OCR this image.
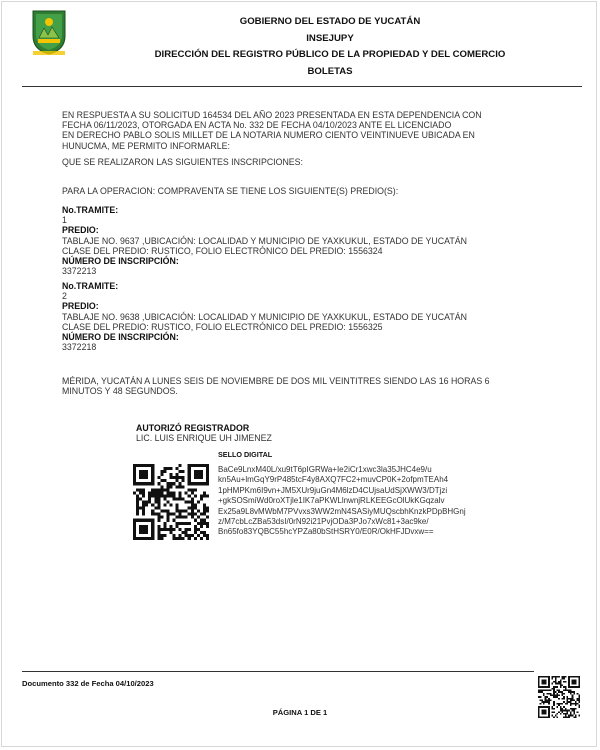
GOBIERNO DEL ESTADO DE YUCATÁN
INSEJUPY
DIRECCIÓN DEL REGISTRO PÚBLICO DE LA PROPIEDAD Y DEL COMERCIO
BOLETAS
EN RESPUESTA A SU SOLICITUD 164534 DEL AÑO 2023 PRESENTADA EN ESTA DEPENDENCIA CON
FECHA 06/11/2023, OTORGADA EN ACTA No. 332 DE FECHA 04/10/2023 ANTE EL LICENCIADO
EN DERECHO PABLO SOLIS MILLET DE LA NOTARIA NUMERO CIENTO VEINTINUEVE UBICADA EN
HUNUCMA, ME PERMITO INFORMARLE:
QUE SE REALIZARON LAS SIGUIENTES INSCRIPCIONES:
PARA LA OPERACION: COMPRAVENTA SE TIENE LOS SIGUIENTE(S) PREDIO(S):
No.TRAMITE:
1
PREDIO:
TABLAJE NO. 9637 ,UBICACIÓN: LOCALIDAD Y MUNICIPIO DE YAXKUKUL, ESTADO DE YUCATÁN
CLASE DEL PREDIO: RUSTICO, FOLIO ELECTRÓNICO DEL PREDIO: 1556324
NÚMERO DE INSCRIPCIÓN:
3372213
No.TRAMITE:
2
PREDIO:
TABLAJE NO. 9638 ,UBICACIÓN: LOCALIDAD Y MUNICIPIO DE YAXKUKUL, ESTADO DE YUCATÁN
CLASE DEL PREDIO: RUSTICO, FOLIO ELECTRÓNICO DEL PREDIO: 1556325
NÚMERO DE INSCRIPCIÓN:
3372218
MÉRIDA, YUCATÁN A LUNES SEIS DE NOVIEMBRE DE DOS MIL VEINTITRES SIENDO LAS 16 HORAS 6
MINUTOS Y 48 SEGUNDOS.
AUTORIZÓ REGISTRADOR
LIC. LUIS ENRIQUE UH JIMENEZ
SELLO DIGITAL
BaCe9LnxM40L/xu9tT6pIGRWa+Ie2iCr1xwc3la35JHC4e9/u
kn5Au+lmGqY9rP485tcF4y8AXQ7FC2+muvCP0K+2ofpmTEAh4
1pHMPKm6I9vn+JM5XUr9juGn4M6lzD4CUjsaUdSjXWW3/DTjzi
+gkSOSmiWd0roXTjle1IK7aPKWLlnwnjRLKEEGcOlUkKGqzalv
Ex25a9L8vMWbM7PVvxs3WW2mN4SASiyMUQscbhKnzkPDpBHGnj
z/M7cbLcZBa53dsI/0rN92i21PvjODa3PJo7xWc81+3ac9ke/
Bn65fo83YQBC55hcYPZa80bStHSRY0/E0R/OkHFJDvxw==
Documento 332 de Fecha 04/10/2023
PÁGINA 1 DE 1
